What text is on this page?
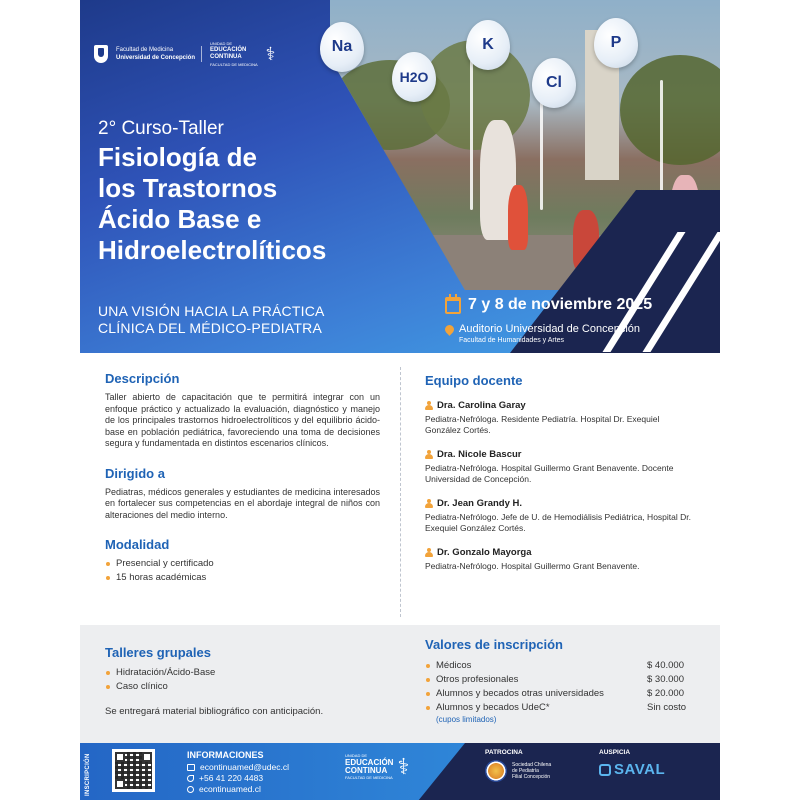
Na
H2O
K
Cl
P
Facultad de Medicina
Universidad de Concepción
UNIDAD DE
EDUCACIÓN
CONTINUA
FACULTAD DE MEDICINA
⚕
2° Curso-Taller
Fisiología de
los Trastornos
Ácido Base e
Hidroelectrolíticos
UNA VISIÓN HACIA LA PRÁCTICA
CLÍNICA DEL MÉDICO-PEDIATRA
7 y 8 de noviembre 2025
Auditorio Universidad de Concepción
Facultad de Humanidades y Artes
Descripción

Taller abierto de capacitación que te permitirá integrar con un enfoque práctico y actualizado la evaluación, diagnóstico y manejo de los principales trastornos hidroelectrolíticos y del equilibrio ácido-base en población pediátrica, favoreciendo una toma de decisiones segura y fundamentada en distintos escenarios clínicos.

Dirigido a

Pediatras, médicos generales y estudiantes de medicina interesados en fortalecer sus competencias en el abordaje integral de niños con alteraciones del medio interno.

Modalidad
Presencial y certificado
15 horas académicas
Equipo docente
Dra. Carolina Garay
Pediatra-Nefróloga. Residente Pediatría. Hospital Dr. Exequiel González Cortés.
Dra. Nicole Bascur
Pediatra-Nefróloga. Hospital Guillermo Grant Benavente. Docente Universidad de Concepción.
Dr. Jean Grandy H.
Pediatra-Nefrólogo. Jefe de U. de Hemodiálisis Pediátrica, Hospital Dr. Exequiel González Cortés.
Dr. Gonzalo Mayorga
Pediatra-Nefrólogo. Hospital Guillermo Grant Benavente.
Talleres grupales
Hidratación/Ácido-Base
Caso clínico

Se entregará material bibliográfico con anticipación.

Valores de inscripción
Médicos	$ 40.000
Otros profesionales	$ 30.000
Alumnos y becados otras universidades	$ 20.000
Alumnos y becados UdeC*	Sin costo
(cupos limitados)
INSCRIPCIÓN	INFORMACIONES
econtinuamed@udec.cl
+56 41 220 4483
econtinuamed.cl
UNIDAD DE
EDUCACIÓN
CONTINUA
FACULTAD DE MEDICINA ⚕
PATROCINA
Sociedad Chilena
de Pediatría
Filial Concepción
AUSPICIA
SAVAL
